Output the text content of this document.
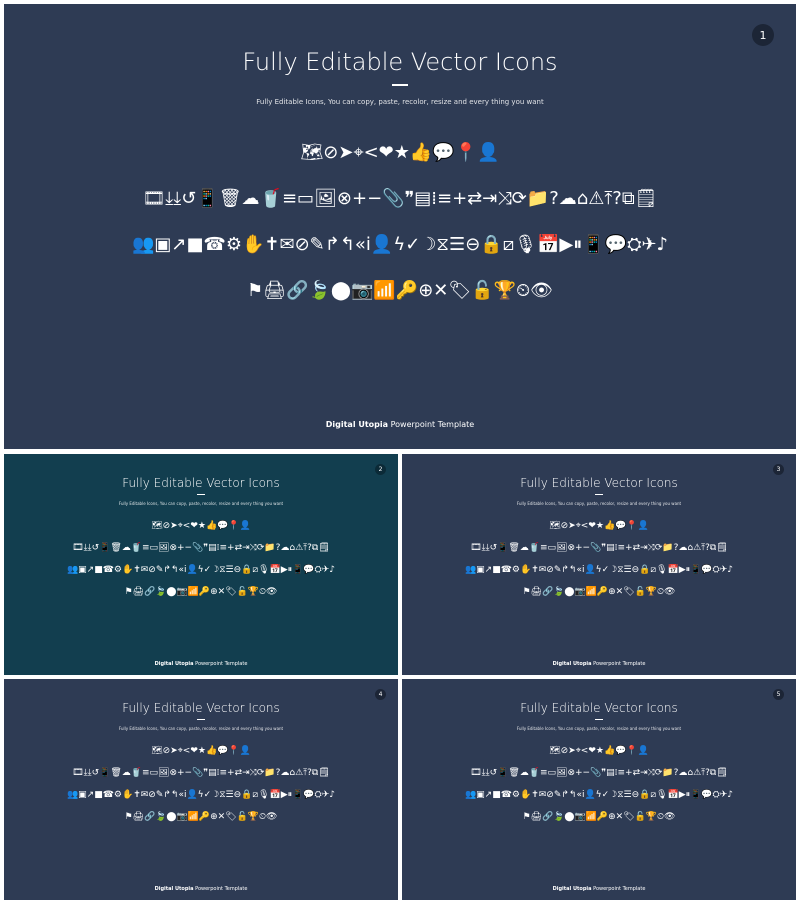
1
Fully Editable Vector Icons
Fully Editable Icons, You can copy, paste, recolor, resize and every thing you want
🗺⊘➤⌖<❤★👍💬📍👤
🎞⤓⤓↺📱🗑☁🥤≡▭🖼⊗+−📎❞▤⁞≡+⇄⇥⤨⟳📁?☁⌂⚠⤒?⧉🗒
👥▣↗■☎⚙✋✝✉⊘✎↱↰«i👤ϟ✓☽⧖☰⊖🔒⧄🎙📅▶⏸📱💬⛭✈♪
⚑🖨🔗🍃⬤📷📶🔑⊕✕🏷🔓🏆⏲👁
Digital Utopia Powerpoint Template
2
Fully Editable Vector Icons
Fully Editable Icons, You can copy, paste, recolor, resize and every thing you want
🗺⊘➤⌖<❤★👍💬📍👤
🎞⤓⤓↺📱🗑☁🥤≡▭🖼⊗+−📎❞▤⁞≡+⇄⇥⤨⟳📁?☁⌂⚠⤒?⧉🗒
👥▣↗■☎⚙✋✝✉⊘✎↱↰«i👤ϟ✓☽⧖☰⊖🔒⧄🎙📅▶⏸📱💬⛭✈♪
⚑🖨🔗🍃⬤📷📶🔑⊕✕🏷🔓🏆⏲👁
Digital Utopia Powerpoint Template
3
Fully Editable Vector Icons
Fully Editable Icons, You can copy, paste, recolor, resize and every thing you want
🗺⊘➤⌖<❤★👍💬📍👤
🎞⤓⤓↺📱🗑☁🥤≡▭🖼⊗+−📎❞▤⁞≡+⇄⇥⤨⟳📁?☁⌂⚠⤒?⧉🗒
👥▣↗■☎⚙✋✝✉⊘✎↱↰«i👤ϟ✓☽⧖☰⊖🔒⧄🎙📅▶⏸📱💬⛭✈♪
⚑🖨🔗🍃⬤📷📶🔑⊕✕🏷🔓🏆⏲👁
Digital Utopia Powerpoint Template
4
Fully Editable Vector Icons
Fully Editable Icons, You can copy, paste, recolor, resize and every thing you want
🗺⊘➤⌖<❤★👍💬📍👤
🎞⤓⤓↺📱🗑☁🥤≡▭🖼⊗+−📎❞▤⁞≡+⇄⇥⤨⟳📁?☁⌂⚠⤒?⧉🗒
👥▣↗■☎⚙✋✝✉⊘✎↱↰«i👤ϟ✓☽⧖☰⊖🔒⧄🎙📅▶⏸📱💬⛭✈♪
⚑🖨🔗🍃⬤📷📶🔑⊕✕🏷🔓🏆⏲👁
Digital Utopia Powerpoint Template
5
Fully Editable Vector Icons
Fully Editable Icons, You can copy, paste, recolor, resize and every thing you want
🗺⊘➤⌖<❤★👍💬📍👤
🎞⤓⤓↺📱🗑☁🥤≡▭🖼⊗+−📎❞▤⁞≡+⇄⇥⤨⟳📁?☁⌂⚠⤒?⧉🗒
👥▣↗■☎⚙✋✝✉⊘✎↱↰«i👤ϟ✓☽⧖☰⊖🔒⧄🎙📅▶⏸📱💬⛭✈♪
⚑🖨🔗🍃⬤📷📶🔑⊕✕🏷🔓🏆⏲👁
Digital Utopia Powerpoint Template
